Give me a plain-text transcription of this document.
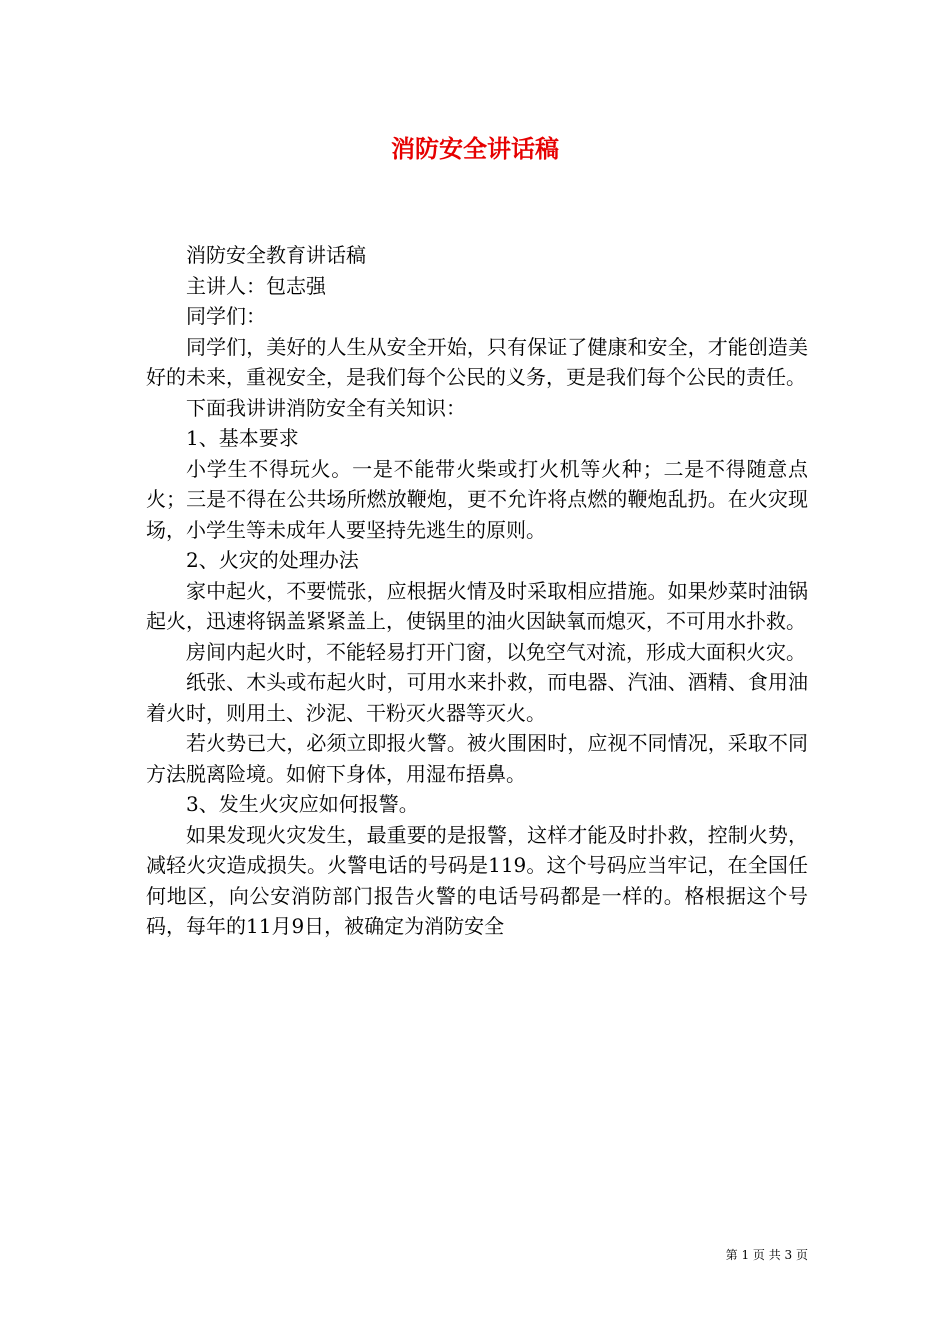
消防安全讲话稿

消防安全教育讲话稿

主讲人：包志强

同学们：

同学们，美好的人生从安全开始，只有保证了健康和安全，才能创造美好的未来，重视安全，是我们每个公民的义务，更是我们每个公民的责任。

下面我讲讲消防安全有关知识：

1、基本要求

小学生不得玩火。一是不能带火柴或打火机等火种；二是不得随意点火；三是不得在公共场所燃放鞭炮，更不允许将点燃的鞭炮乱扔。在火灾现场，小学生等未成年人要坚持先逃生的原则。

2、火灾的处理办法

家中起火，不要慌张，应根据火情及时采取相应措施。如果炒菜时油锅起火，迅速将锅盖紧紧盖上，使锅里的油火因缺氧而熄灭，不可用水扑救。

房间内起火时，不能轻易打开门窗，以免空气对流，形成大面积火灾。

纸张、木头或布起火时，可用水来扑救，而电器、汽油、酒精、食用油着火时，则用土、沙泥、干粉灭火器等灭火。

若火势已大，必须立即报火警。被火围困时，应视不同情况，采取不同方法脱离险境。如俯下身体，用湿布捂鼻。

3、发生火灾应如何报警。

如果发现火灾发生，最重要的是报警，这样才能及时扑救，控制火势，减轻火灾造成损失。火警电话的号码是119。这个号码应当牢记，在全国任何地区，向公安消防部门报告火警的电话号码都是一样的。格根据这个号码，每年的11月9日，被确定为消防安全

第 1 页 共 3 页
